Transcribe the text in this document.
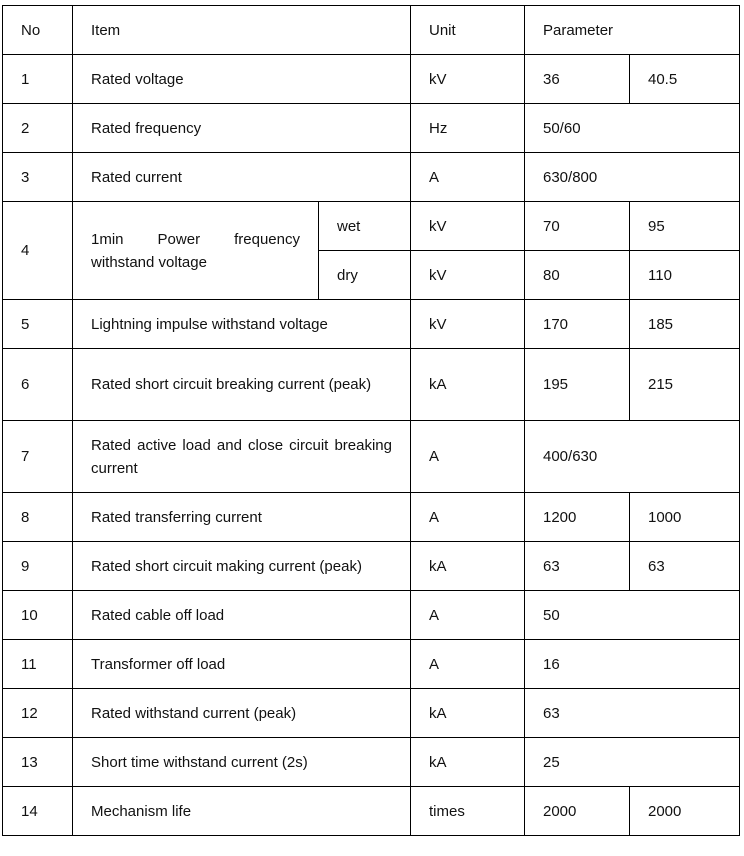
No	Item		Unit	Parameter	
1	Rated voltage		kV	36	40.5
2	Rated frequency		Hz	50/60	
3	Rated current		A	630/800	
4	1min Power frequency withstand voltage	wet	kV	70	95
		dry	kV	80	110
5	Lightning impulse withstand voltage		kV	170	185
6	Rated short circuit breaking current (peak)		kA	195	215
7	Rated active load and close circuit breaking current		A	400/630	
8	Rated transferring current		A	1200	1000
9	Rated short circuit making current (peak)		kA	63	63
10	Rated cable off load		A	50	
11	Transformer off load		A	16	
12	Rated withstand current (peak)		kA	63	
13	Short time withstand current (2s)		kA	25	
14	Mechanism life		times	2000	2000
